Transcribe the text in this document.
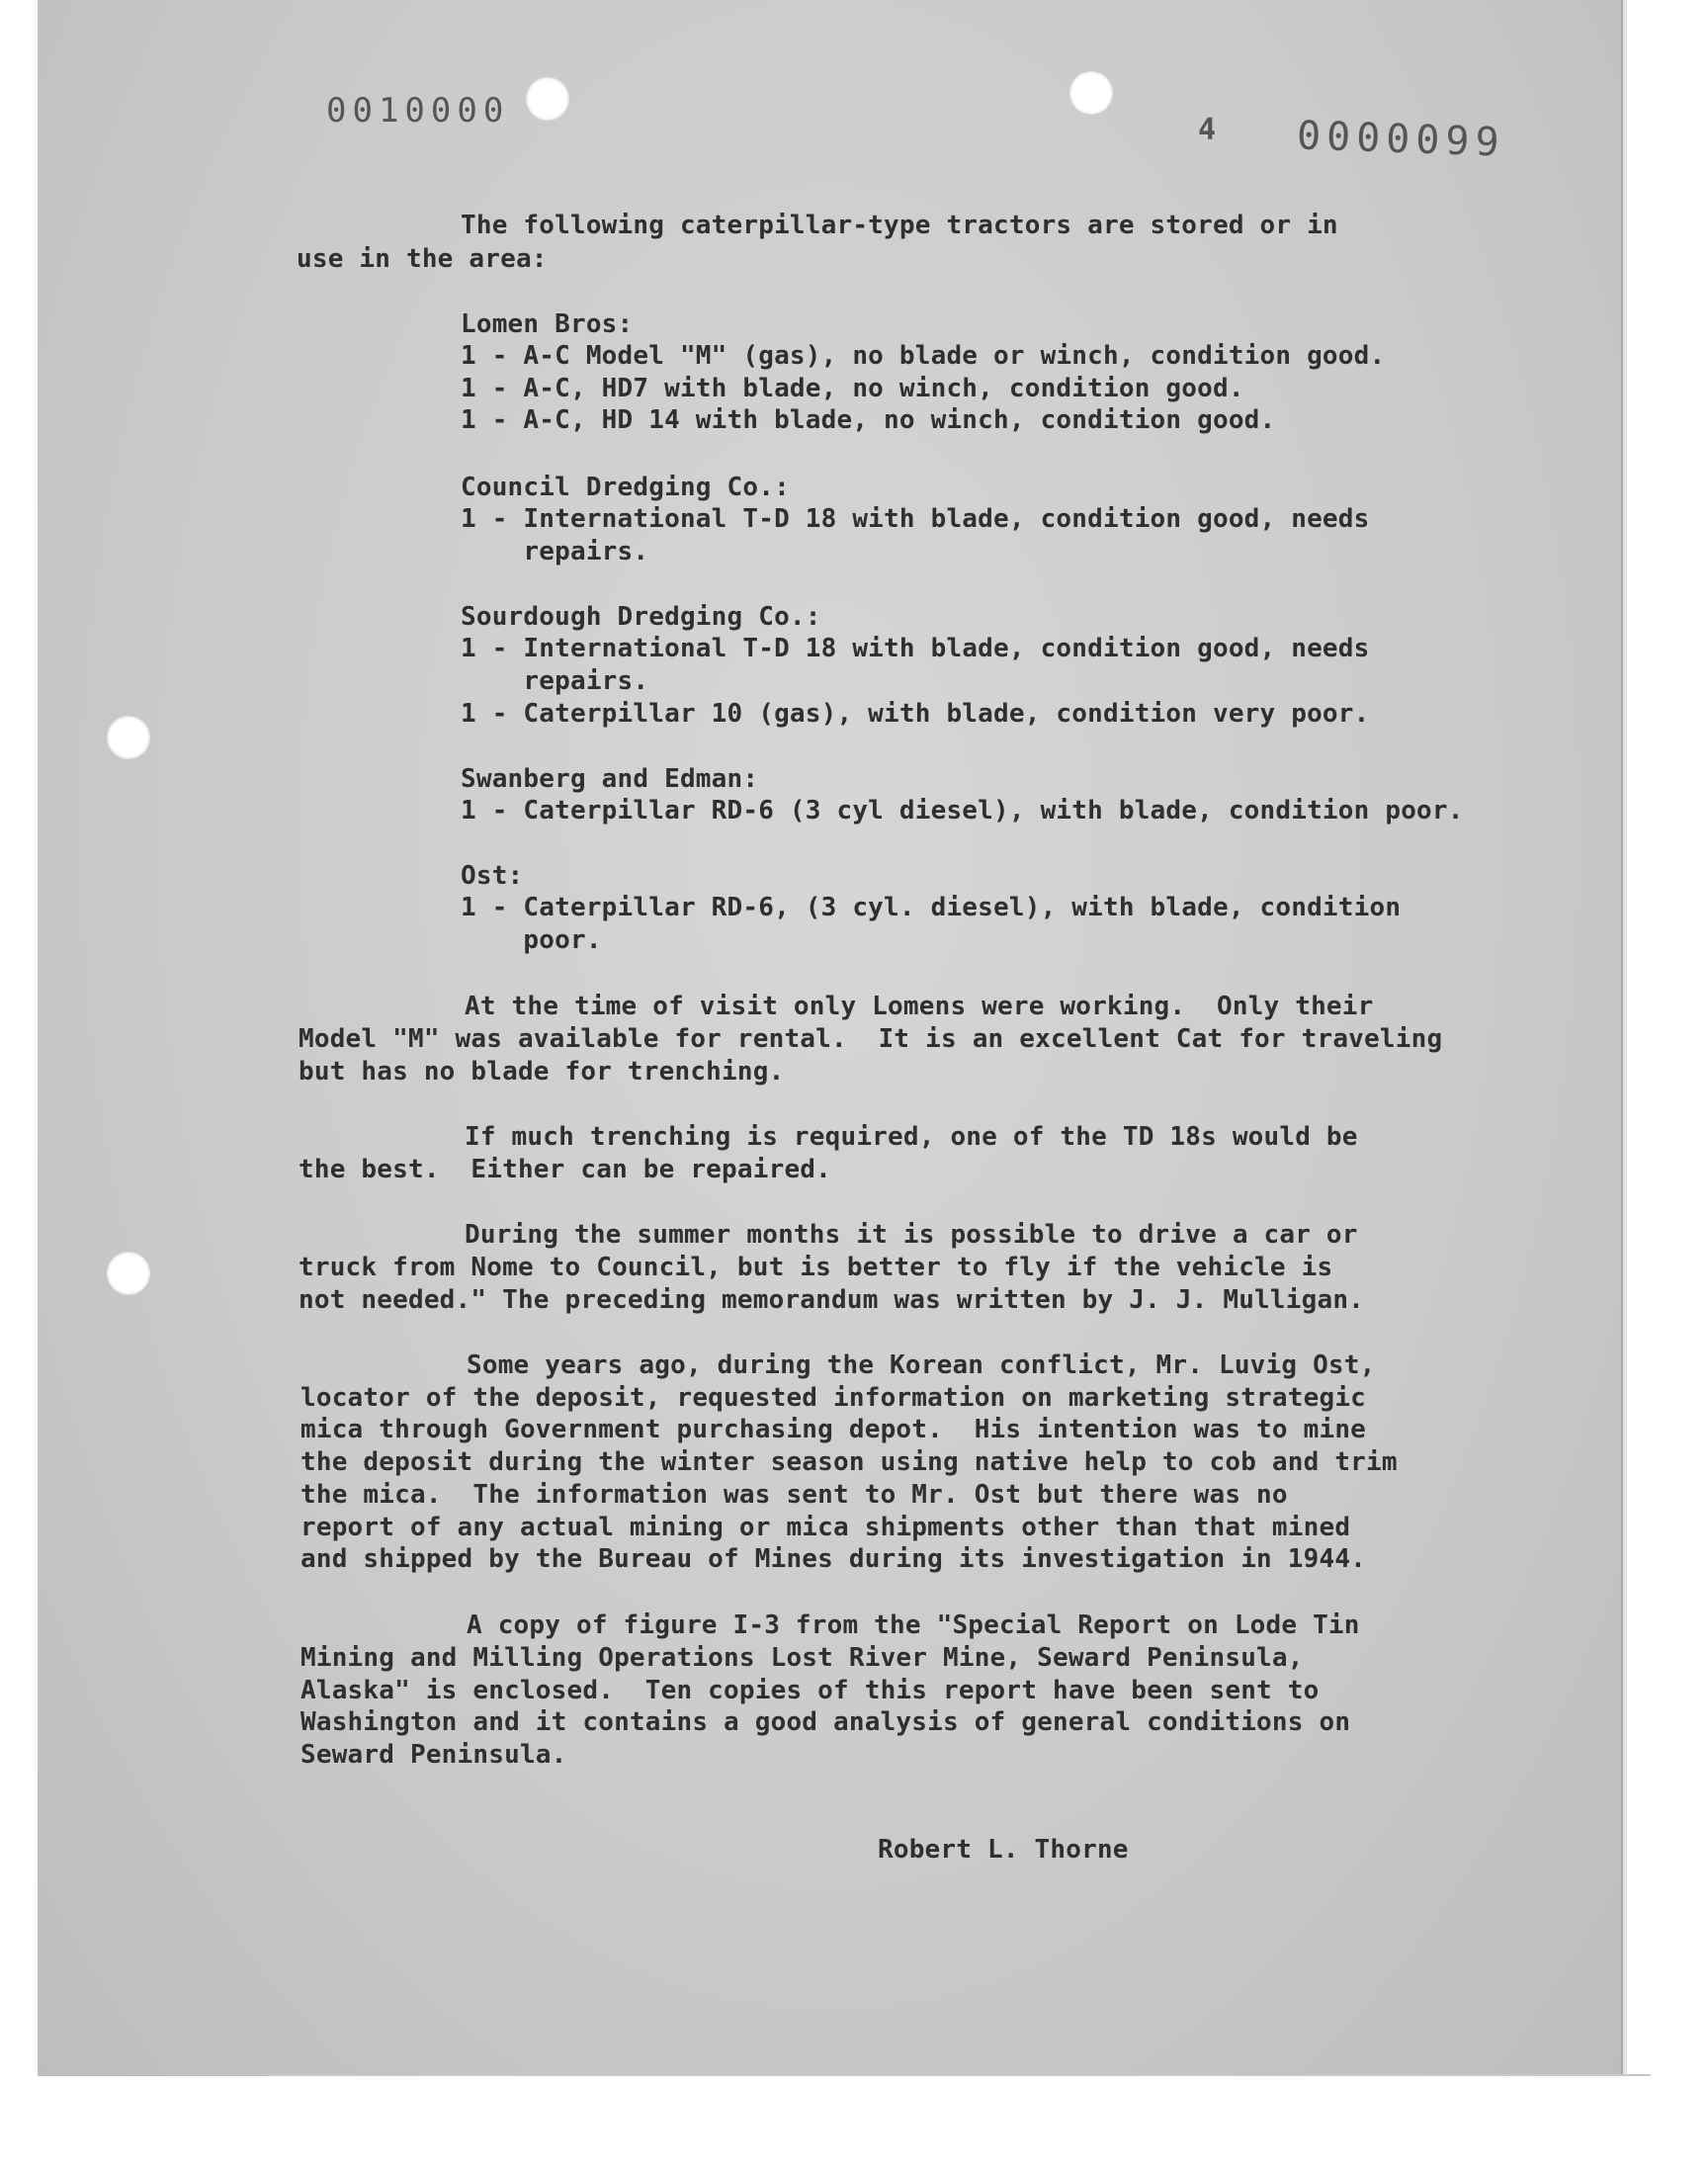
0010000	4 0000099
The following caterpillar-type tractors are stored or in
use in the area:
Lomen Bros:
1 - A-C Model "M" (gas), no blade or winch, condition good.
1 - A-C, HD7 with blade, no winch, condition good.
1 - A-C, HD 14 with blade, no winch, condition good.
Council Dredging Co.:
1 - International T-D 18 with blade, condition good, needs
repairs.
Sourdough Dredging Co.:
1 - International T-D 18 with blade, condition good, needs
repairs.
1 - Caterpillar 10 (gas), with blade, condition very poor.
Swanberg and Edman:
1 - Caterpillar RD-6 (3 cyl diesel), with blade, condition poor.
Ost:
1 - Caterpillar RD-6, (3 cyl. diesel), with blade, condition
poor.
At the time of visit only Lomens were working.  Only their
Model "M" was available for rental.  It is an excellent Cat for traveling
but has no blade for trenching.
If much trenching is required, one of the TD 18s would be
the best.  Either can be repaired.
During the summer months it is possible to drive a car or
truck from Nome to Council, but is better to fly if the vehicle is
not needed." The preceding memorandum was written by J. J. Mulligan.
Some years ago, during the Korean conflict, Mr. Luvig Ost,
locator of the deposit, requested information on marketing strategic
mica through Government purchasing depot.  His intention was to mine
the deposit during the winter season using native help to cob and trim
the mica.  The information was sent to Mr. Ost but there was no
report of any actual mining or mica shipments other than that mined
and shipped by the Bureau of Mines during its investigation in 1944.
A copy of figure I-3 from the "Special Report on Lode Tin
Mining and Milling Operations Lost River Mine, Seward Peninsula,
Alaska" is enclosed.  Ten copies of this report have been sent to
Washington and it contains a good analysis of general conditions on
Seward Peninsula.
Robert L. Thorne
